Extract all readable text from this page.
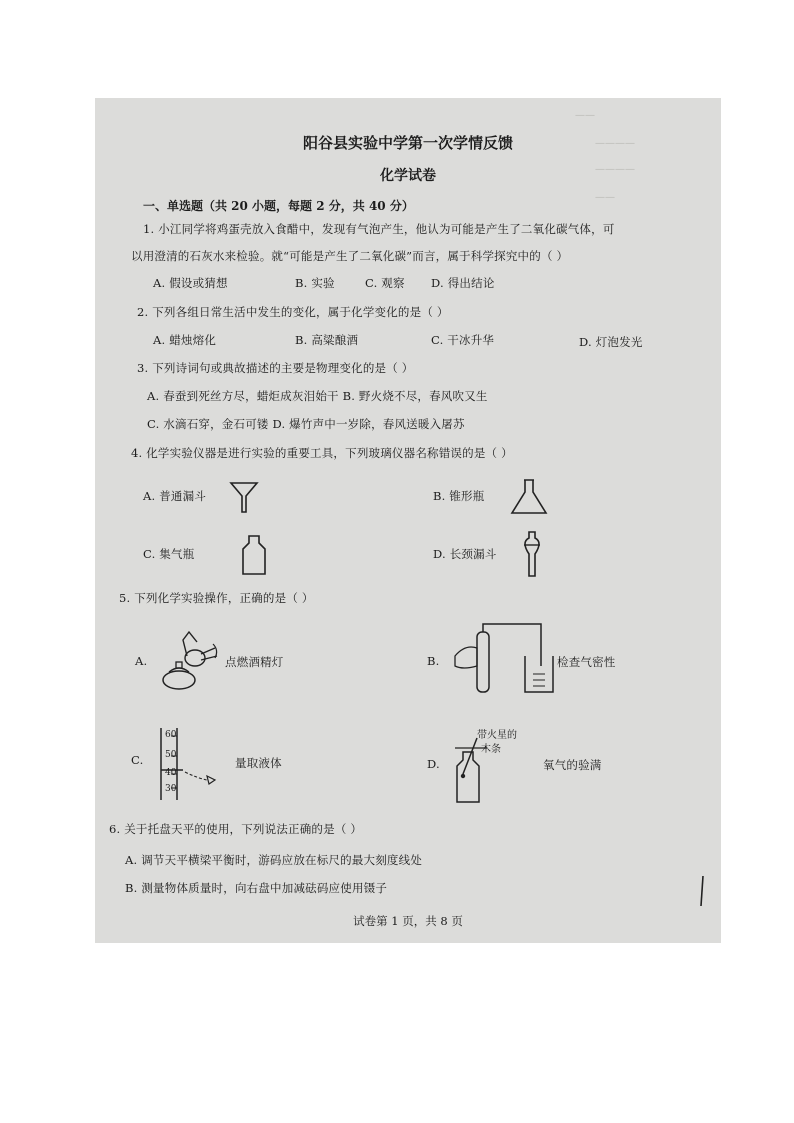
——
————
————
——
阳谷县实验中学第一次学情反馈
化学试卷
一、单选题（共 20 小题，每题 2 分，共 40 分）
1. 小江同学将鸡蛋壳放入食醋中，发现有气泡产生，他认为可能是产生了二氧化碳气体，可
以用澄清的石灰水来检验。就“可能是产生了二氧化碳”而言，属于科学探究中的（ ）
A. 假设或猜想	B. 实验	C. 观察 D. 得出结论
2. 下列各组日常生活中发生的变化，属于化学变化的是（ ）
A. 蜡烛熔化	B. 高粱酿酒	C. 干冰升华	D. 灯泡发光
3. 下列诗词句或典故描述的主要是物理变化的是（ ）
A. 春蚕到死丝方尽，蜡炬成灰泪始干 B. 野火烧不尽，春风吹又生
C. 水滴石穿，金石可镂 D. 爆竹声中一岁除，春风送暖入屠苏
4. 化学实验仪器是进行实验的重要工具，下列玻璃仪器名称错误的是（ ）
A. 普通漏斗	B. 锥形瓶
C. 集气瓶	D. 长颈漏斗
5. 下列化学实验操作，正确的是（ ）
A.	点燃酒精灯	B.	检查气密性
C.
60
50
40
30
量取液体	D.
带火星的
木条
氧气的验满
6. 关于托盘天平的使用，下列说法正确的是（ ）
A. 调节天平横梁平衡时，游码应放在标尺的最大刻度线处
B. 测量物体质量时，向右盘中加减砝码应使用镊子
试卷第 1 页，共 8 页
